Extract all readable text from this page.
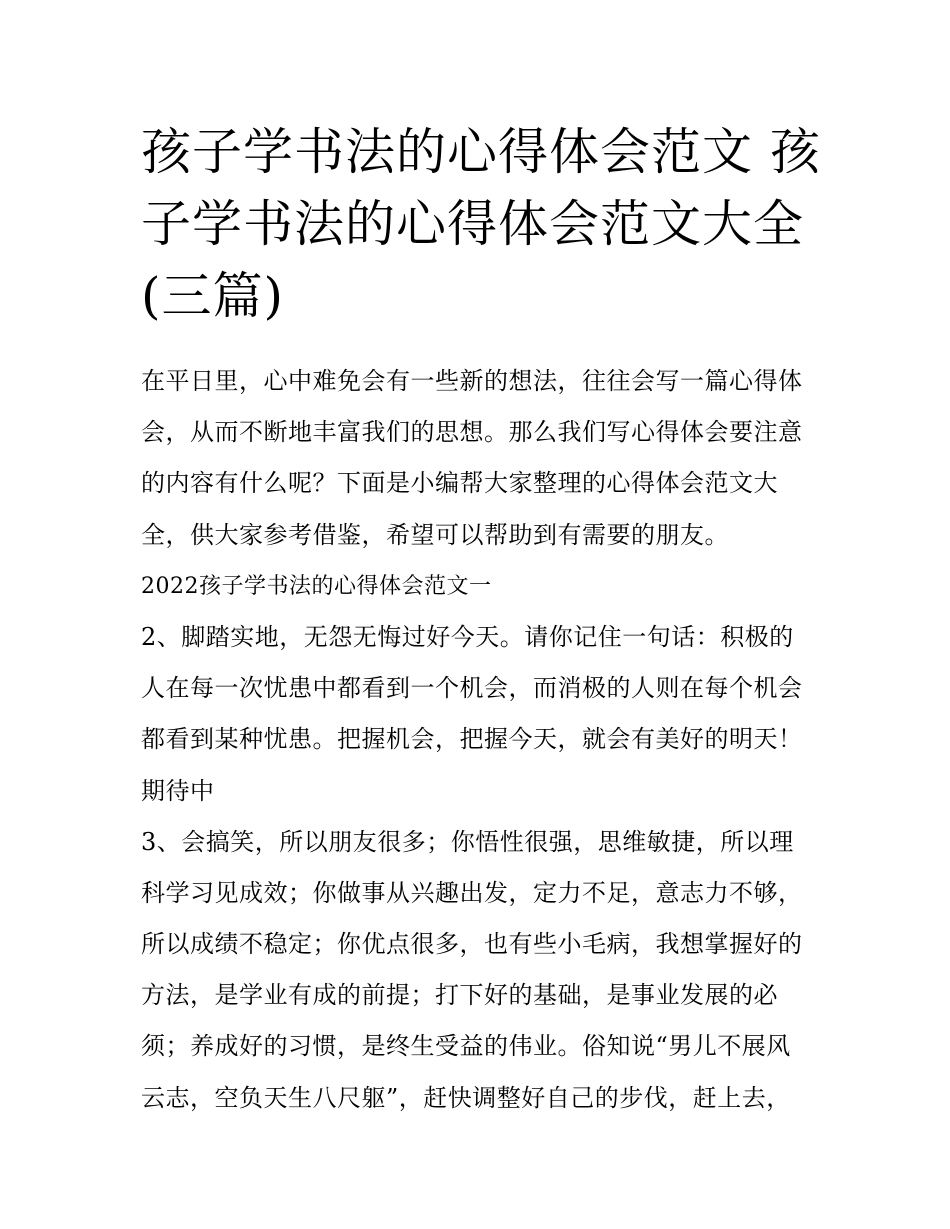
孩子学书法的心得体会范文 孩
子学书法的心得体会范文大全
(三篇)
在平日里，心中难免会有一些新的想法，往往会写一篇心得体
会，从而不断地丰富我们的思想。那么我们写心得体会要注意
的内容有什么呢？下面是小编帮大家整理的心得体会范文大
全，供大家参考借鉴，希望可以帮助到有需要的朋友。
2022孩子学书法的心得体会范文一
2、脚踏实地，无怨无悔过好今天。请你记住一句话：积极的
人在每一次忧患中都看到一个机会，而消极的人则在每个机会
都看到某种忧患。把握机会，把握今天，就会有美好的明天！
期待中
3、会搞笑，所以朋友很多；你悟性很强，思维敏捷，所以理
科学习见成效；你做事从兴趣出发，定力不足，意志力不够，
所以成绩不稳定；你优点很多，也有些小毛病，我想掌握好的
方法，是学业有成的前提；打下好的基础，是事业发展的必
须；养成好的习惯，是终生受益的伟业。俗知说“男儿不展风
云志，空负天生八尺躯”，赶快调整好自己的步伐，赶上去，
